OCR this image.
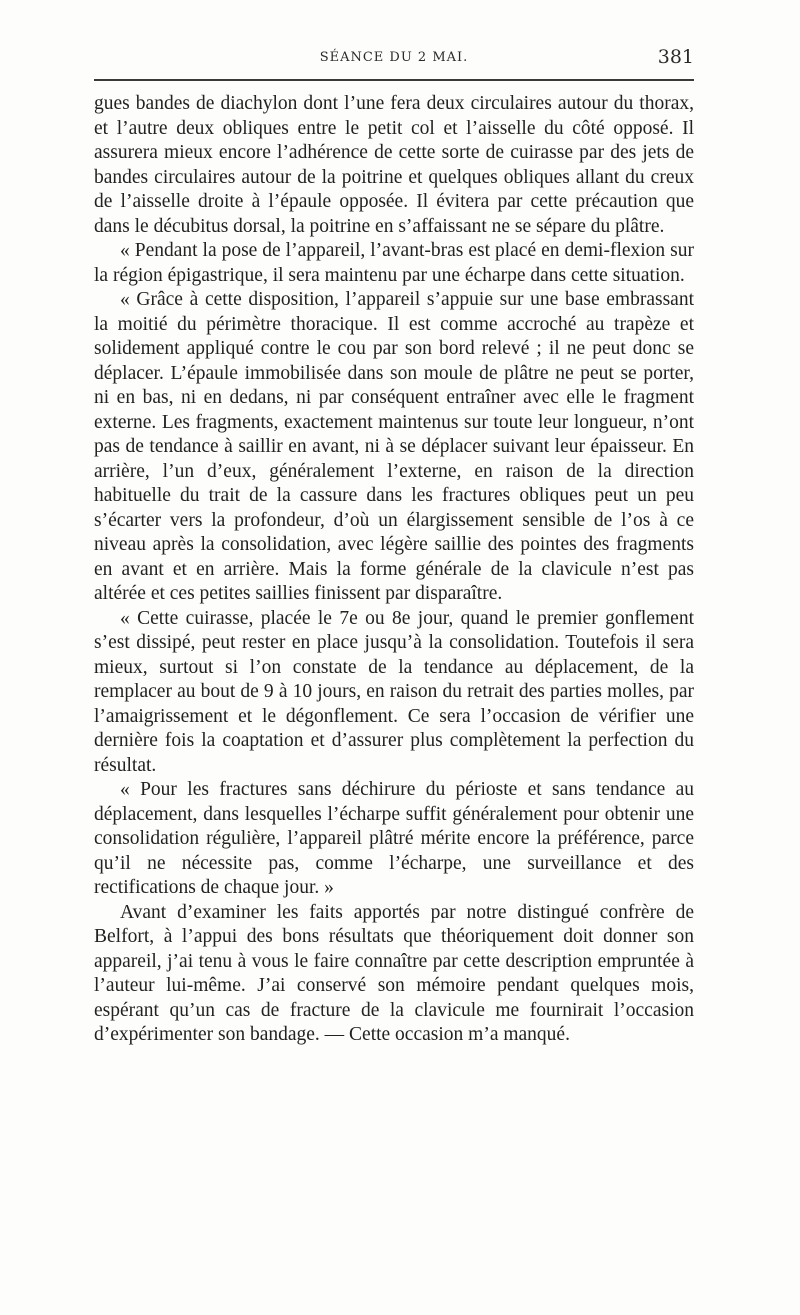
SÉANCE DU 2 MAI.	381

gues bandes de diachylon dont l’une fera deux circulaires autour du thorax, et l’autre deux obliques entre le petit col et l’aisselle du côté opposé. Il assurera mieux encore l’adhérence de cette sorte de cuirasse par des jets de bandes circulaires autour de la poitrine et quelques obliques allant du creux de l’aisselle droite à l’épaule opposée. Il évitera par cette précaution que dans le décubitus dorsal, la poitrine en s’affaissant ne se sépare du plâtre.

« Pendant la pose de l’appareil, l’avant-bras est placé en demi-flexion sur la région épigastrique, il sera maintenu par une écharpe dans cette situation.

« Grâce à cette disposition, l’appareil s’appuie sur une base embrassant la moitié du périmètre thoracique. Il est comme accroché au trapèze et solidement appliqué contre le cou par son bord relevé ; il ne peut donc se déplacer. L’épaule immobilisée dans son moule de plâtre ne peut se porter, ni en bas, ni en dedans, ni par conséquent entraîner avec elle le fragment externe. Les fragments, exactement maintenus sur toute leur longueur, n’ont pas de tendance à saillir en avant, ni à se déplacer suivant leur épaisseur. En arrière, l’un d’eux, généralement l’externe, en raison de la direction habituelle du trait de la cassure dans les fractures obliques peut un peu s’écarter vers la profondeur, d’où un élargissement sensible de l’os à ce niveau après la consolidation, avec légère saillie des pointes des fragments en avant et en arrière. Mais la forme générale de la clavicule n’est pas altérée et ces petites saillies finissent par disparaître.

« Cette cuirasse, placée le 7e ou 8e jour, quand le premier gonflement s’est dissipé, peut rester en place jusqu’à la consolidation. Toutefois il sera mieux, surtout si l’on constate de la tendance au déplacement, de la remplacer au bout de 9 à 10 jours, en raison du retrait des parties molles, par l’amaigrissement et le dégonflement. Ce sera l’occasion de vérifier une dernière fois la coaptation et d’assurer plus complètement la perfection du résultat.

« Pour les fractures sans déchirure du périoste et sans tendance au déplacement, dans lesquelles l’écharpe suffit généralement pour obtenir une consolidation régulière, l’appareil plâtré mérite encore la préférence, parce qu’il ne nécessite pas, comme l’écharpe, une surveillance et des rectifications de chaque jour. »

Avant d’examiner les faits apportés par notre distingué confrère de Belfort, à l’appui des bons résultats que théoriquement doit donner son appareil, j’ai tenu à vous le faire connaître par cette description empruntée à l’auteur lui-même. J’ai conservé son mémoire pendant quelques mois, espérant qu’un cas de fracture de la clavicule me fournirait l’occasion d’expérimenter son bandage. — Cette occasion m’a manqué.
